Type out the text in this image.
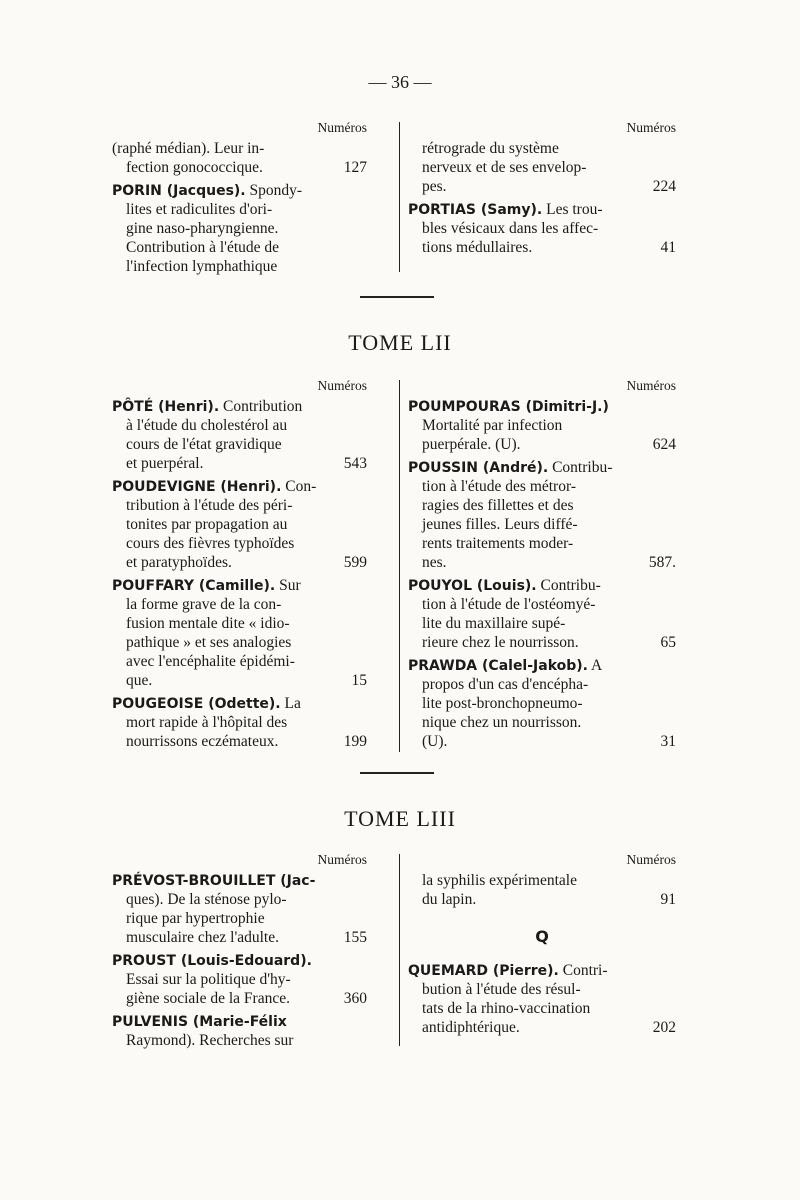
— 36 —
Numéros
(raphé médian). Leur in-
fection gonococcique.	127
PORIN (Jacques). Spondy-
lites et radiculites d'ori-
gine naso-pharyngienne.
Contribution à l'étude de
l'infection lymphathique
Numéros
rétrograde du système
nerveux et de ses envelop-
pes.	224
PORTIAS (Samy). Les trou-
bles vésicaux dans les affec-
tions médullaires.	41
TOME LII
Numéros
PÔTÉ (Henri). Contribution
à l'étude du cholestérol au
cours de l'état gravidique
et puerpéral.	543
POUDEVIGNE (Henri). Con-
tribution à l'étude des péri-
tonites par propagation au
cours des fièvres typhoïdes
et paratyphoïdes.	599
POUFFARY (Camille). Sur
la forme grave de la con-
fusion mentale dite « idio-
pathique » et ses analogies
avec l'encéphalite épidémi-
que.	15
POUGEOISE (Odette). La
mort rapide à l'hôpital des
nourrissons eczémateux.	199
Numéros
POUMPOURAS (Dimitri-J.)
Mortalité par infection
puerpérale. (U).	624
POUSSIN (André). Contribu-
tion à l'étude des métror-
ragies des fillettes et des
jeunes filles. Leurs diffé-
rents traitements moder-
nes.	587.
POUYOL (Louis). Contribu-
tion à l'étude de l'ostéomyé-
lite du maxillaire supé-
rieure chez le nourrisson.	65
PRAWDA (Calel-Jakob). A
propos d'un cas d'encépha-
lite post-bronchopneumo-
nique chez un nourrisson.
(U).	31
TOME LIII
Numéros
PRÉVOST-BROUILLET (Jac-
ques). De la sténose pylo-
rique par hypertrophie
musculaire chez l'adulte.	155
PROUST (Louis-Edouard).
Essai sur la politique d'hy-
giène sociale de la France.	360
PULVENIS (Marie-Félix
Raymond). Recherches sur
Numéros
la syphilis expérimentale
du lapin.	91
Q
QUEMARD (Pierre). Contri-
bution à l'étude des résul-
tats de la rhino-vaccination
antidiphtérique.	202
